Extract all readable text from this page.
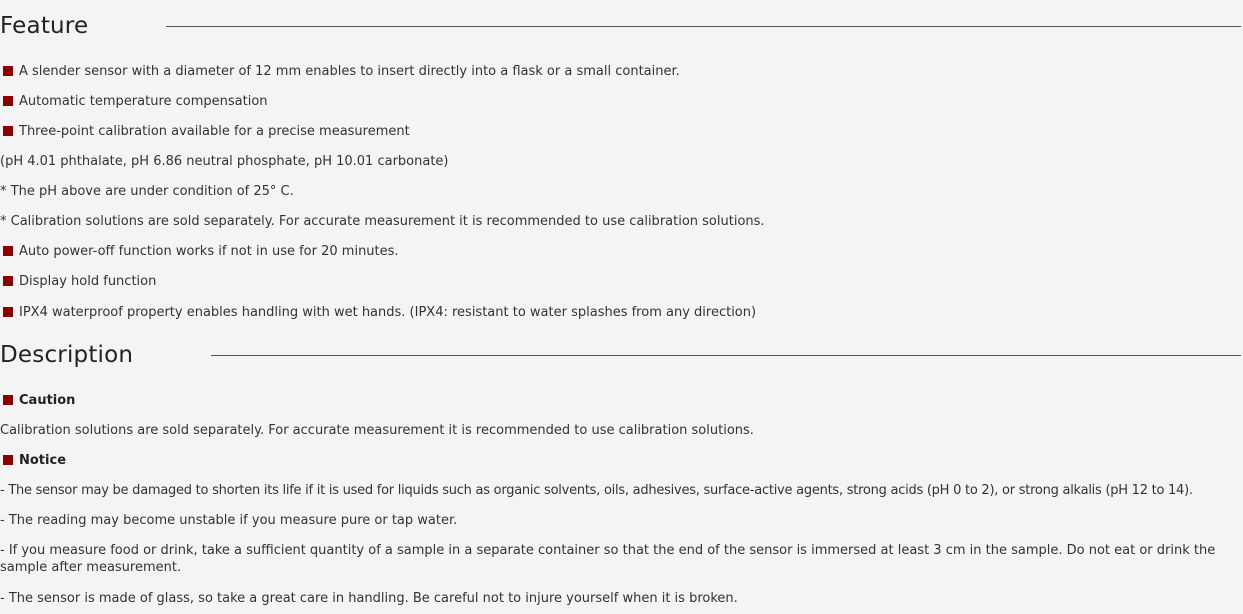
Feature
A slender sensor with a diameter of 12 mm enables to insert directly into a flask or a small container.
Automatic temperature compensation
Three-point calibration available for a precise measurement
(pH 4.01 phthalate, pH 6.86 neutral phosphate, pH 10.01 carbonate)
* The pH above are under condition of 25° C.
* Calibration solutions are sold separately. For accurate measurement it is recommended to use calibration solutions.
Auto power-off function works if not in use for 20 minutes.
Display hold function
IPX4 waterproof property enables handling with wet hands. (IPX4: resistant to water splashes from any direction)
Description
Caution
Calibration solutions are sold separately. For accurate measurement it is recommended to use calibration solutions.
Notice
- The sensor may be damaged to shorten its life if it is used for liquids such as organic solvents, oils, adhesives, surface-active agents, strong acids (pH 0 to 2), or strong alkalis (pH 12 to 14).
- The reading may become unstable if you measure pure or tap water.
- If you measure food or drink, take a sufficient quantity of a sample in a separate container so that the end of the sensor is immersed at least 3 cm in the sample. Do not eat or drink the sample after measurement.
- The sensor is made of glass, so take a great care in handling. Be careful not to injure yourself when it is broken.
